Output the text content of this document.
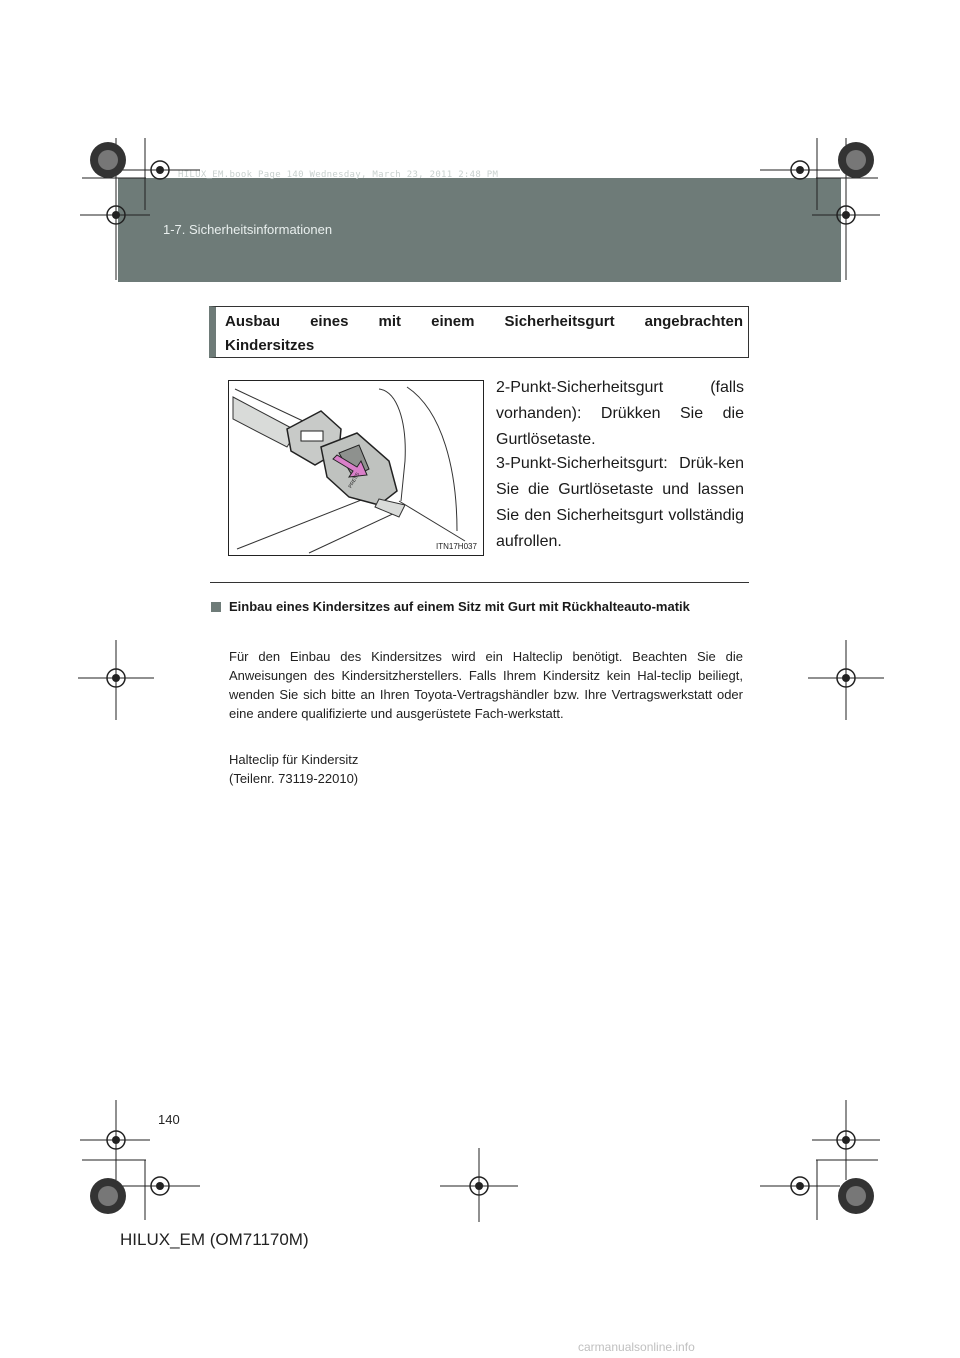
HILUX_EM.book Page 140 Wednesday, March 23, 2011 2:48 PM
1-7. Sicherheitsinformationen
Ausbau eines mit einem Sicherheitsgurt angebrachten
Kindersitzes
PRESS
ITN17H037
2-Punkt-Sicherheitsgurt (falls vorhanden): Drükken Sie die Gurtlösetaste.
3-Punkt-Sicherheitsgurt: Drük-ken Sie die Gurtlösetaste und lassen Sie den Sicherheitsgurt vollständig aufrollen.
Einbau eines Kindersitzes auf einem Sitz mit Gurt mit Rückhalteauto-matik
Für den Einbau des Kindersitzes wird ein Halteclip benötigt. Beachten Sie die Anweisungen des Kindersitzherstellers. Falls Ihrem Kindersitz kein Hal-teclip beiliegt, wenden Sie sich bitte an Ihren Toyota-Vertragshändler bzw. Ihre Vertragswerkstatt oder eine andere qualifizierte und ausgerüstete Fach-werkstatt.
Halteclip für Kindersitz
(Teilenr. 73119-22010)
140
HILUX_EM (OM71170M)
carmanualsonline.info
